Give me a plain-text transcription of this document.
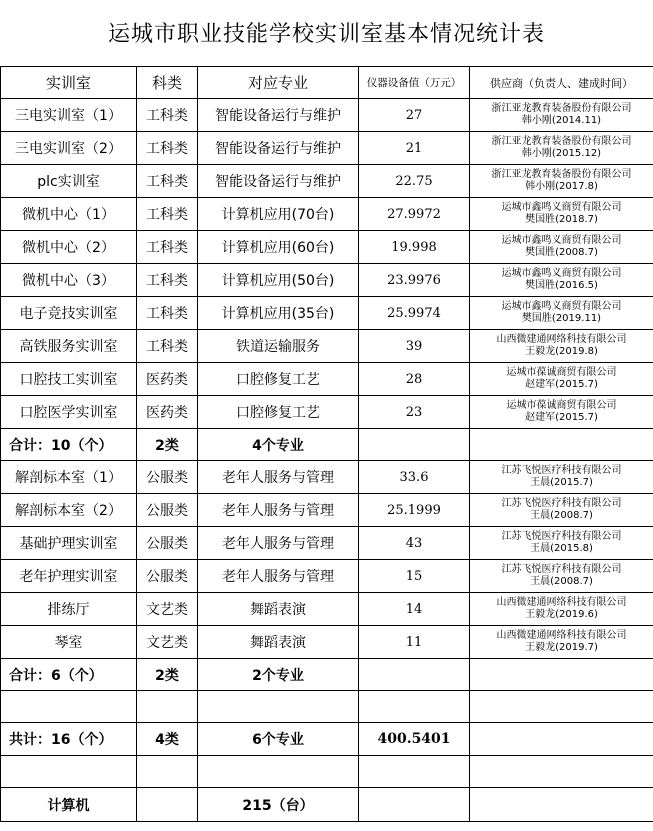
运城市职业技能学校实训室基本情况统计表
实训室	科类	对应专业	仪器设备值（万元）	供应商（负责人、建成时间）
三电实训室（1）	工科类	智能设备运行与维护	27	浙江亚龙教育装备股份有限公司
韩小刚(2014.11)

三电实训室（2）	工科类	智能设备运行与维护	21	浙江亚龙教育装备股份有限公司
韩小刚(2015.12)

plc实训室	工科类	智能设备运行与维护	22.75	浙江亚龙教育装备股份有限公司
韩小刚(2017.8)

微机中心（1）	工科类	计算机应用(70台)	27.9972	运城市鑫鸣义商贸有限公司
樊国胜(2018.7)

微机中心（2）	工科类	计算机应用(60台)	19.998	运城市鑫鸣义商贸有限公司
樊国胜(2008.7)

微机中心（3）	工科类	计算机应用(50台)	23.9976	运城市鑫鸣义商贸有限公司
樊国胜(2016.5)

电子竞技实训室	工科类	计算机应用(35台)	25.9974	运城市鑫鸣义商贸有限公司
樊国胜(2019.11)

高铁服务实训室	工科类	铁道运输服务	39	山西微建通网络科技有限公司
王毅龙(2019.8)

口腔技工实训室	医药类	口腔修复工艺	28	运城市葆诚商贸有限公司
赵建军(2015.7)

口腔医学实训室	医药类	口腔修复工艺	23	运城市葆诚商贸有限公司
赵建军(2015.7)

合计：10（个）	2类	4个专业		
解剖标本室（1）	公服类	老年人服务与管理	33.6	江苏飞悦医疗科技有限公司
王晨(2015.7)

解剖标本室（2）	公服类	老年人服务与管理	25.1999	江苏飞悦医疗科技有限公司
王晨(2008.7)

基础护理实训室	公服类	老年人服务与管理	43	江苏飞悦医疗科技有限公司
王晨(2015.8)

老年护理实训室	公服类	老年人服务与管理	15	江苏飞悦医疗科技有限公司
王晨(2008.7)

排练厅	文艺类	舞蹈表演	14	山西微建通网络科技有限公司
王毅龙(2019.6)

琴室	文艺类	舞蹈表演	11	山西微建通网络科技有限公司
王毅龙(2019.7)

合计：6（个）	2类	2个专业		

共计：16（个）	4类	6个专业	400.5401	

计算机		215（台）		
